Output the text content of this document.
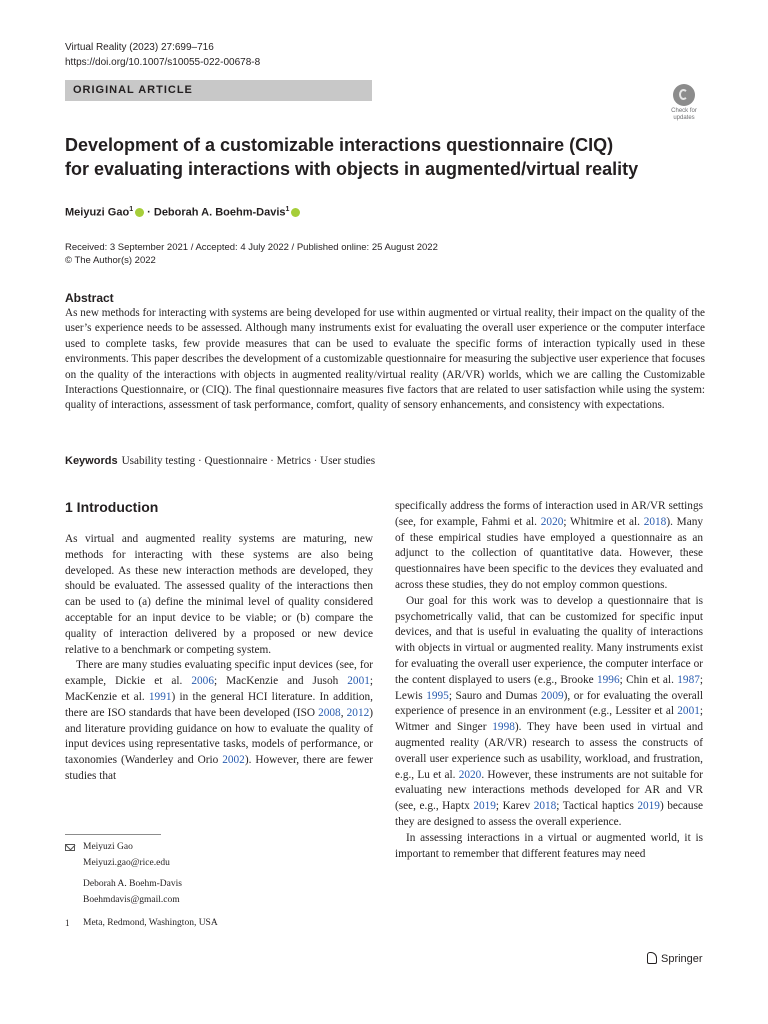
Virtual Reality (2023) 27:699–716
https://doi.org/10.1007/s10055-022-00678-8
ORIGINAL ARTICLE
Check for
updates
Development of a customizable interactions questionnaire (CIQ)
for evaluating interactions with objects in augmented/virtual reality
Meiyuzi Gao$^1$ · Deborah A. Boehm-Davis$^1$
Received: 3 September 2021 / Accepted: 4 July 2022 / Published online: 25 August 2022
© The Author(s) 2022
Abstract

As new methods for interacting with systems are being developed for use within augmented or virtual reality, their impact on the quality of the user’s experience needs to be assessed. Although many instruments exist for evaluating the overall user experience or the computer interface used to complete tasks, few provide measures that can be used to evaluate the specific forms of interaction typically used in these environments. This paper describes the development of a customizable questionnaire for measuring the subjective user experience that focuses on the quality of the interactions with objects in augmented reality/virtual reality (AR/VR) worlds, which we are calling the Customizable Interactions Questionnaire, or (CIQ). The final questionnaire measures five factors that are related to user satisfaction while using the system: quality of interactions, assessment of task performance, comfort, quality of sensory enhancements, and consistency with expectations.

Keywords Usability testing · Questionnaire · Metrics · User studies
1 Introduction

As virtual and augmented reality systems are maturing, new methods for interacting with these systems are also being developed. As these new interaction methods are developed, they should be evaluated. The assessed quality of the interactions then can be used to (a) define the minimal level of quality considered acceptable for an input device to be viable; or (b) compare the quality of interaction delivered by a proposed or new device relative to a benchmark or competing system.

There are many studies evaluating specific input devices (see, for example, Dickie et al. 2006; MacKenzie and Jusoh 2001; MacKenzie et al. 1991) in the general HCI literature. In addition, there are ISO standards that have been developed (ISO 2008, 2012) and literature providing guidance on how to evaluate the quality of input devices using representative tasks, models of performance, or taxonomies (Wanderley and Orio 2002). However, there are fewer studies that

specifically address the forms of interaction used in AR/VR settings (see, for example, Fahmi et al. 2020; Whitmire et al. 2018). Many of these empirical studies have employed a questionnaire as an adjunct to the collection of quantitative data. However, these questionnaires have been specific to the devices they evaluated and across these studies, they do not employ common questions.

Our goal for this work was to develop a questionnaire that is psychometrically valid, that can be customized for specific input devices, and that is useful in evaluating the quality of interactions with objects in virtual or augmented reality. Many instruments exist for evaluating the overall user experience, the computer interface or the content displayed to users (e.g., Brooke 1996; Chin et al. 1987; Lewis 1995; Sauro and Dumas 2009), or for evaluating the overall experience of presence in an environment (e.g., Lessiter et al 2001; Witmer and Singer 1998). They have been used in virtual and augmented reality (AR/VR) research to assess the constructs of overall user experience such as usability, workload, and frustration, e.g., Lu et al. 2020. However, these instruments are not suitable for evaluating new interactions methods developed for AR and VR (see, e.g., Haptx 2019; Karev 2018; Tactical haptics 2019) because they are designed to assess the overall experience.

In assessing interactions in a virtual or augmented world, it is important to remember that different features may need

Meiyuzi Gao
Meiyuzi.gao@rice.edu
Deborah A. Boehm-Davis
Boehmdavis@gmail.com
1 Meta, Redmond, Washington, USA
Springer
